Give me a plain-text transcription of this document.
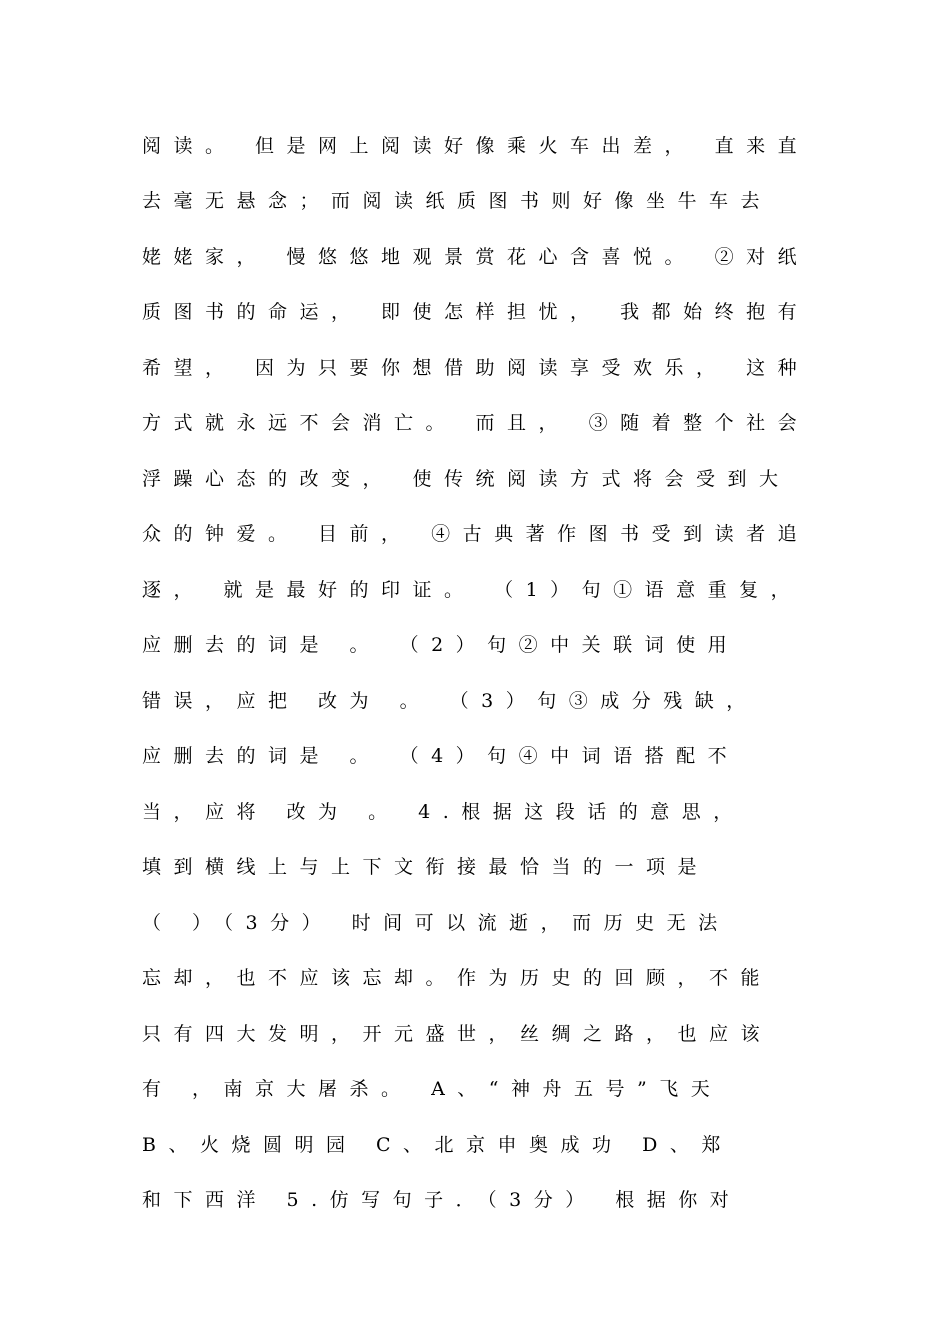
阅读。 但是网上阅读好像乘火车出差， 直来直

去毫无悬念；而阅读纸质图书则好像坐牛车去

姥姥家， 慢悠悠地观景赏花心含喜悦。 ②对纸

质图书的命运， 即使怎样担忧， 我都始终抱有

希望， 因为只要你想借助阅读享受欢乐， 这种

方式就永远不会消亡。 而且， ③随着整个社会

浮躁心态的改变， 使传统阅读方式将会受到大

众的钟爱。 目前， ④古典著作图书受到读者追

逐， 就是最好的印证。 （1）句①语意重复，

应删去的词是 。 （2）句②中关联词使用

错误，应把 改为 。 （3）句③成分残缺，

应删去的词是 。 （4）句④中词语搭配不

当，应将 改为 。 4.根据这段话的意思，

填到横线上与上下文衔接最恰当的一项是

（ ）（3分） 时间可以流逝，而历史无法

忘却，也不应该忘却。作为历史的回顾，不能

只有四大发明，开元盛世，丝绸之路，也应该

有 ，南京大屠杀。 A、“神舟五号”飞天

B、火烧圆明园 C、北京申奥成功 D、郑

和下西洋 5.仿写句子．（3分） 根据你对
